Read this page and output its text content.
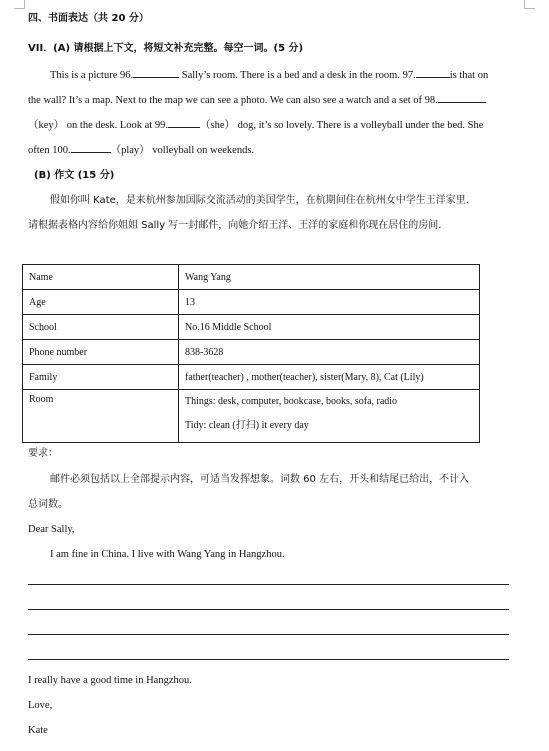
四、书面表达（共 20 分）
VII．(A) 请根据上下文，将短文补充完整。每空一词。(5 分)
This is a picture 96.	Sally’s room. There is a bed and a desk in the room. 97.	is that on
the wall? It’s a map. Next to the map we can see a photo. We can also see a watch and a set of 98.
（key） on the desk. Look at 99.	（she） dog, it’s so lovely. There is a volleyball under the bed. She
often 100.	（play） volleyball on weekends.
(B) 作文 (15 分)
假如你叫 Kate，是来杭州参加国际交流活动的美国学生，在杭期间住在杭州女中学生王洋家里．
请根据表格内容给你姐姐 Sally 写一封邮件，向她介绍王洋、王洋的家庭和你现在居住的房间．
Name	Wang Yang
Age	13
School	No.16 Middle School
Phone number	838-3628
Family	father(teacher) , mother(teacher), sister(Mary, 8), Cat (Lily)
Room	Things: desk, computer, bookcase, books, sofa, radio
Tidy: clean (打扫) it every day
要求：
邮件必须包括以上全部提示内容，可适当发挥想象。词数 60 左右，开头和结尾已给出，不计入
总词数。
Dear Sally,
I am fine in China. I live with Wang Yang in Hangzhou.
I really have a good time in Hangzhou.
Love,
Kate
